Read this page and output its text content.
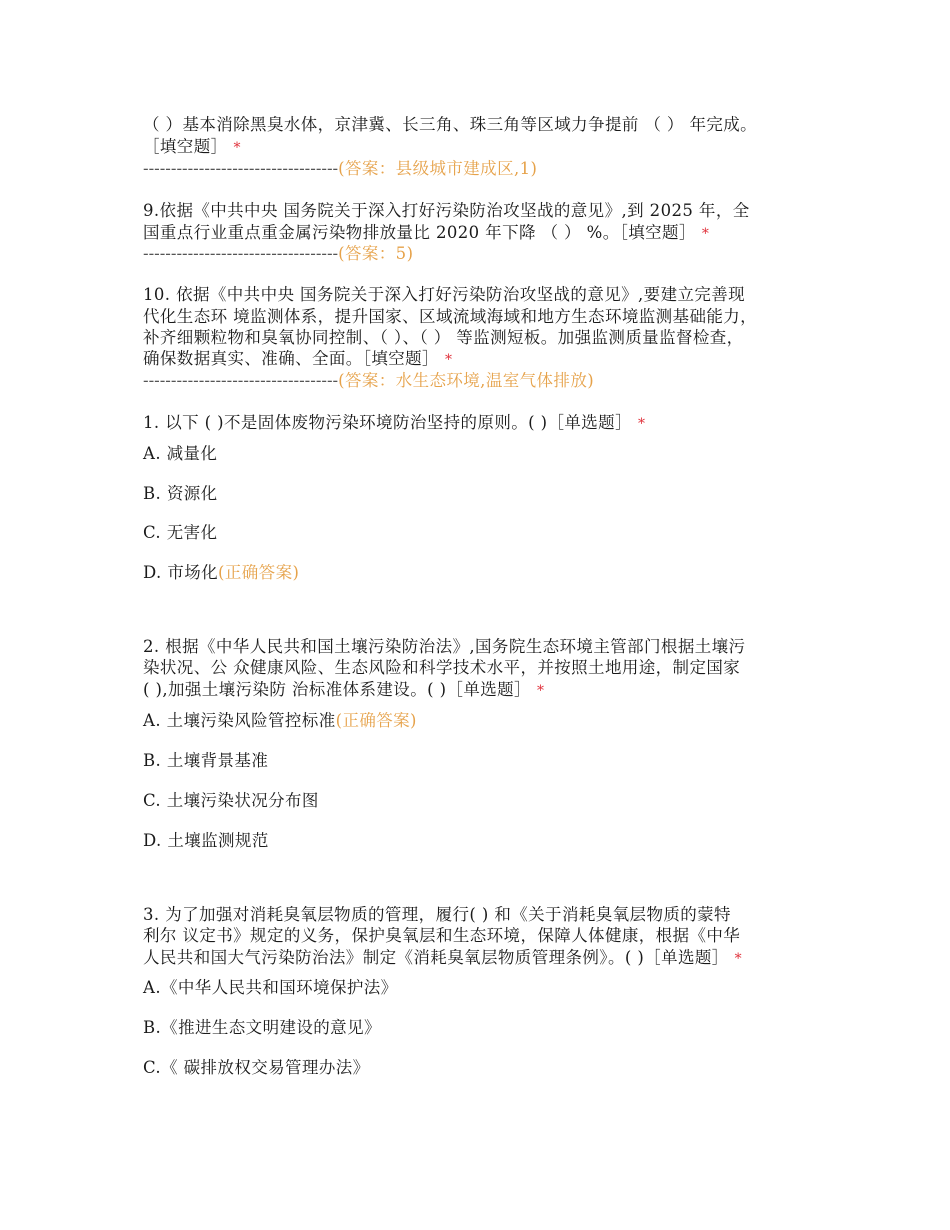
（ ）基本消除黑臭水体，京津冀、长三角、珠三角等区域力争提前 （ ） 年完成。
［填空题］ *
-----------------------------------(答案：县级城市建成区,1)
9.依据《中共中央 国务院关于深入打好污染防治攻坚战的意见》,到 2025 年，全
国重点行业重点重金属污染物排放量比 2020 年下降 （ ） %。［填空题］ *
-----------------------------------(答案：5)
10. 依据《中共中央 国务院关于深入打好污染防治攻坚战的意见》,要建立完善现
代化生态环 境监测体系，提升国家、区域流域海域和地方生态环境监测基础能力，
补齐细颗粒物和臭氧协同控制、（ ）、（ ） 等监测短板。加强监测质量监督检查，
确保数据真实、准确、全面。［填空题］ *
-----------------------------------(答案：水生态环境,温室气体排放)
1. 以下 ( )不是固体废物污染环境防治坚持的原则。( )［单选题］ *
A. 减量化
B. 资源化
C. 无害化
D. 市场化(正确答案)
2. 根据《中华人民共和国土壤污染防治法》,国务院生态环境主管部门根据土壤污
染状况、公 众健康风险、生态风险和科学技术水平，并按照土地用途，制定国家
( ),加强土壤污染防 治标准体系建设。( )［单选题］ *
A. 土壤污染风险管控标准(正确答案)
B. 土壤背景基准
C. 土壤污染状况分布图
D. 土壤监测规范
3. 为了加强对消耗臭氧层物质的管理，履行( ) 和《关于消耗臭氧层物质的蒙特
利尔 议定书》规定的义务，保护臭氧层和生态环境，保障人体健康，根据《中华
人民共和国大气污染防治法》制定《消耗臭氧层物质管理条例》。( )［单选题］ *
A.《中华人民共和国环境保护法》
B.《推进生态文明建设的意见》
C.《 碳排放权交易管理办法》
